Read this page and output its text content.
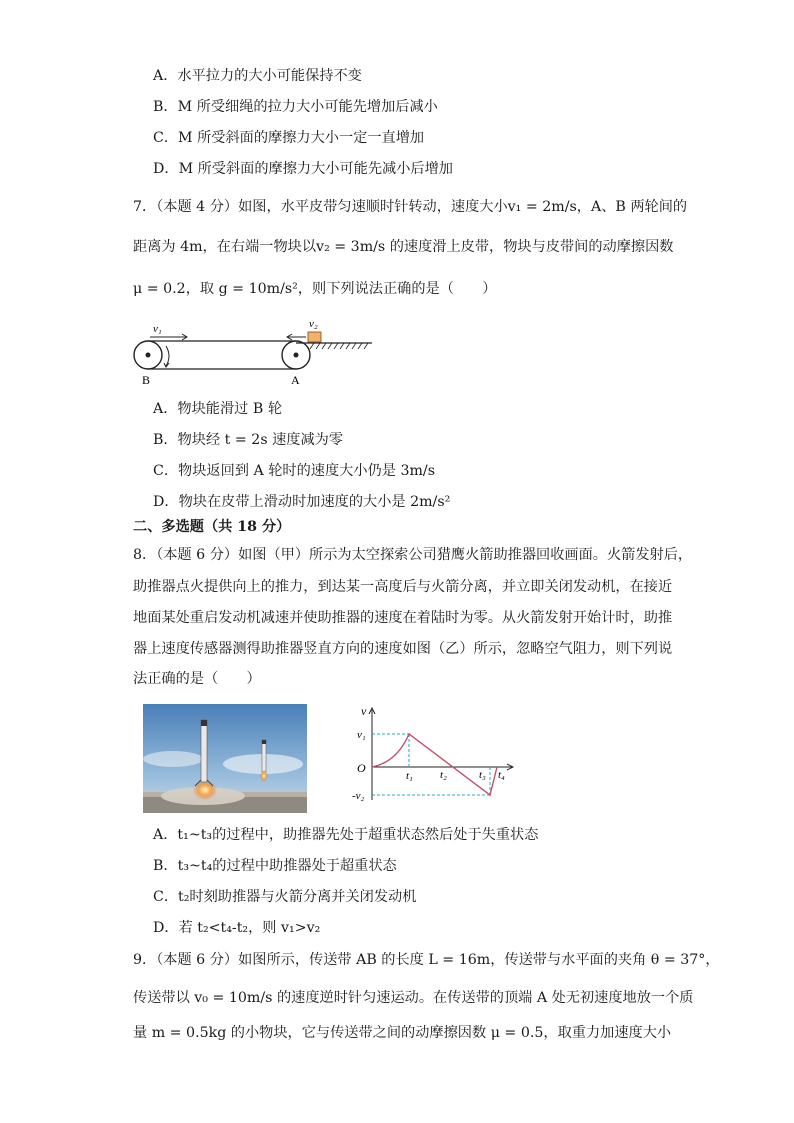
A．水平拉力的大小可能保持不变
B．M 所受细绳的拉力大小可能先增加后减小
C．M 所受斜面的摩擦力大小一定一直增加
D．M 所受斜面的摩擦力大小可能先减小后增加
7．（本题 4 分）如图，水平皮带匀速顺时针转动，速度大小v₁ = 2m/s，A、B 两轮间的
距离为 4m，在右端一物块以v₂ = 3m/s 的速度滑上皮带，物块与皮带间的动摩擦因数
μ = 0.2，取 g = 10m/s²，则下列说法正确的是（　　）
v₁	v₂
B	A
A．物块能滑过 B 轮
B．物块经 t = 2s 速度减为零
C．物块返回到 A 轮时的速度大小仍是 3m/s
D．物块在皮带上滑动时加速度的大小是 2m/s²
二、多选题（共 18 分）
8．（本题 6 分）如图（甲）所示为太空探索公司猎鹰火箭助推器回收画面。火箭发射后，
助推器点火提供向上的推力，到达某一高度后与火箭分离，并立即关闭发动机，在接近
地面某处重启发动机减速并使助推器的速度在着陆时为零。从火箭发射开始计时，助推
器上速度传感器测得助推器竖直方向的速度如图（乙）所示，忽略空气阻力，则下列说
法正确的是（　　）
v
v₁
O
-v₂
t₁ t₂	t₃ t₄
A．t₁~t₃的过程中，助推器先处于超重状态然后处于失重状态
B．t₃~t₄的过程中助推器处于超重状态
C．t₂时刻助推器与火箭分离并关闭发动机
D．若 t₂<t₄-t₂，则 v₁>v₂
9．（本题 6 分）如图所示，传送带 AB 的长度 L = 16m，传送带与水平面的夹角 θ = 37°，
传送带以 v₀ = 10m/s 的速度逆时针匀速运动。在传送带的顶端 A 处无初速度地放一个质
量 m = 0.5kg 的小物块，它与传送带之间的动摩擦因数 μ = 0.5，取重力加速度大小
